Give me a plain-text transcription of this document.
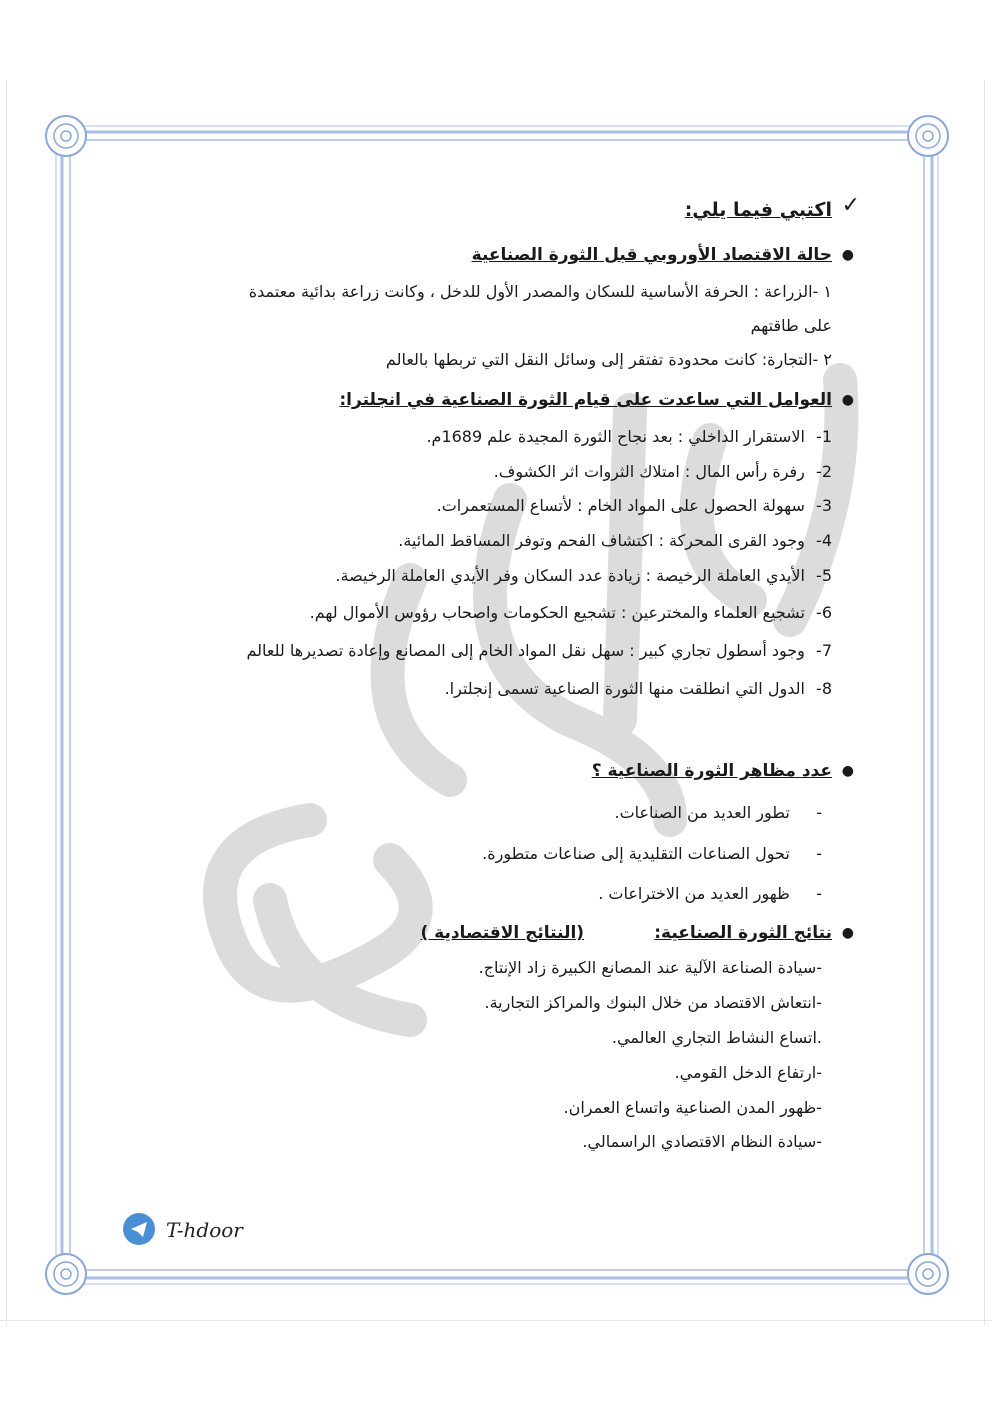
✓
اكتبي فيما يلي:
●
حالة الاقتصاد الأوروبي قبل الثورة الصناعية
١ -الزراعة : الحرفة الأساسية للسكان والمصدر الأول للدخل ، وكانت زراعة بدائية معتمدة
على طاقتهم
٢ -التجارة: كانت محدودة تفتقر إلى وسائل النقل التي تربطها بالعالم
●
العوامل التي ساعدت على قيام الثورة الصناعية في انجلترا:
1- الاستقرار الداخلي : بعد نجاح الثورة المجيدة علم 1689م.
2- رفرة رأس المال : امتلاك الثروات اثر الكشوف.
3- سهولة الحصول على المواد الخام : لأتساع المستعمرات.
4- وجود القرى المحركة : اكتشاف الفحم وتوفر المساقط المائية.
5- الأيدي العاملة الرخيصة : زيادة عدد السكان وفر الأيدي العاملة الرخيصة.
6- تشجيع العلماء والمخترعين : تشجيع الحكومات واصحاب رؤوس الأموال لهم.
7- وجود أسطول تجاري كبير : سهل نقل المواد الخام إلى المصانع وإعادة تصديرها للعالم
8- الدول التي انطلقت منها الثورة الصناعية تسمى إنجلترا.
●
عدد مظاهر الثورة الصناعية ؟
-  تطور العديد من الصناعات.
-  تحول الصناعات التقليدية إلى صناعات متطورة.
-  ظهور العديد من الاختراعات .
●
نتائج الثورة الصناعية:  (النتائج الاقتصادية )
-سيادة الصناعة الآلية عند المصانع الكبيرة زاد الإنتاج.
-انتعاش الاقتصاد من خلال البنوك والمراكز التجارية.
.اتساع النشاط التجاري العالمي.
-ارتفاع الدخل القومي.
-ظهور المدن الصناعية واتساع العمران.
-سيادة النظام الاقتصادي الراسمالي.
T-hdoor
